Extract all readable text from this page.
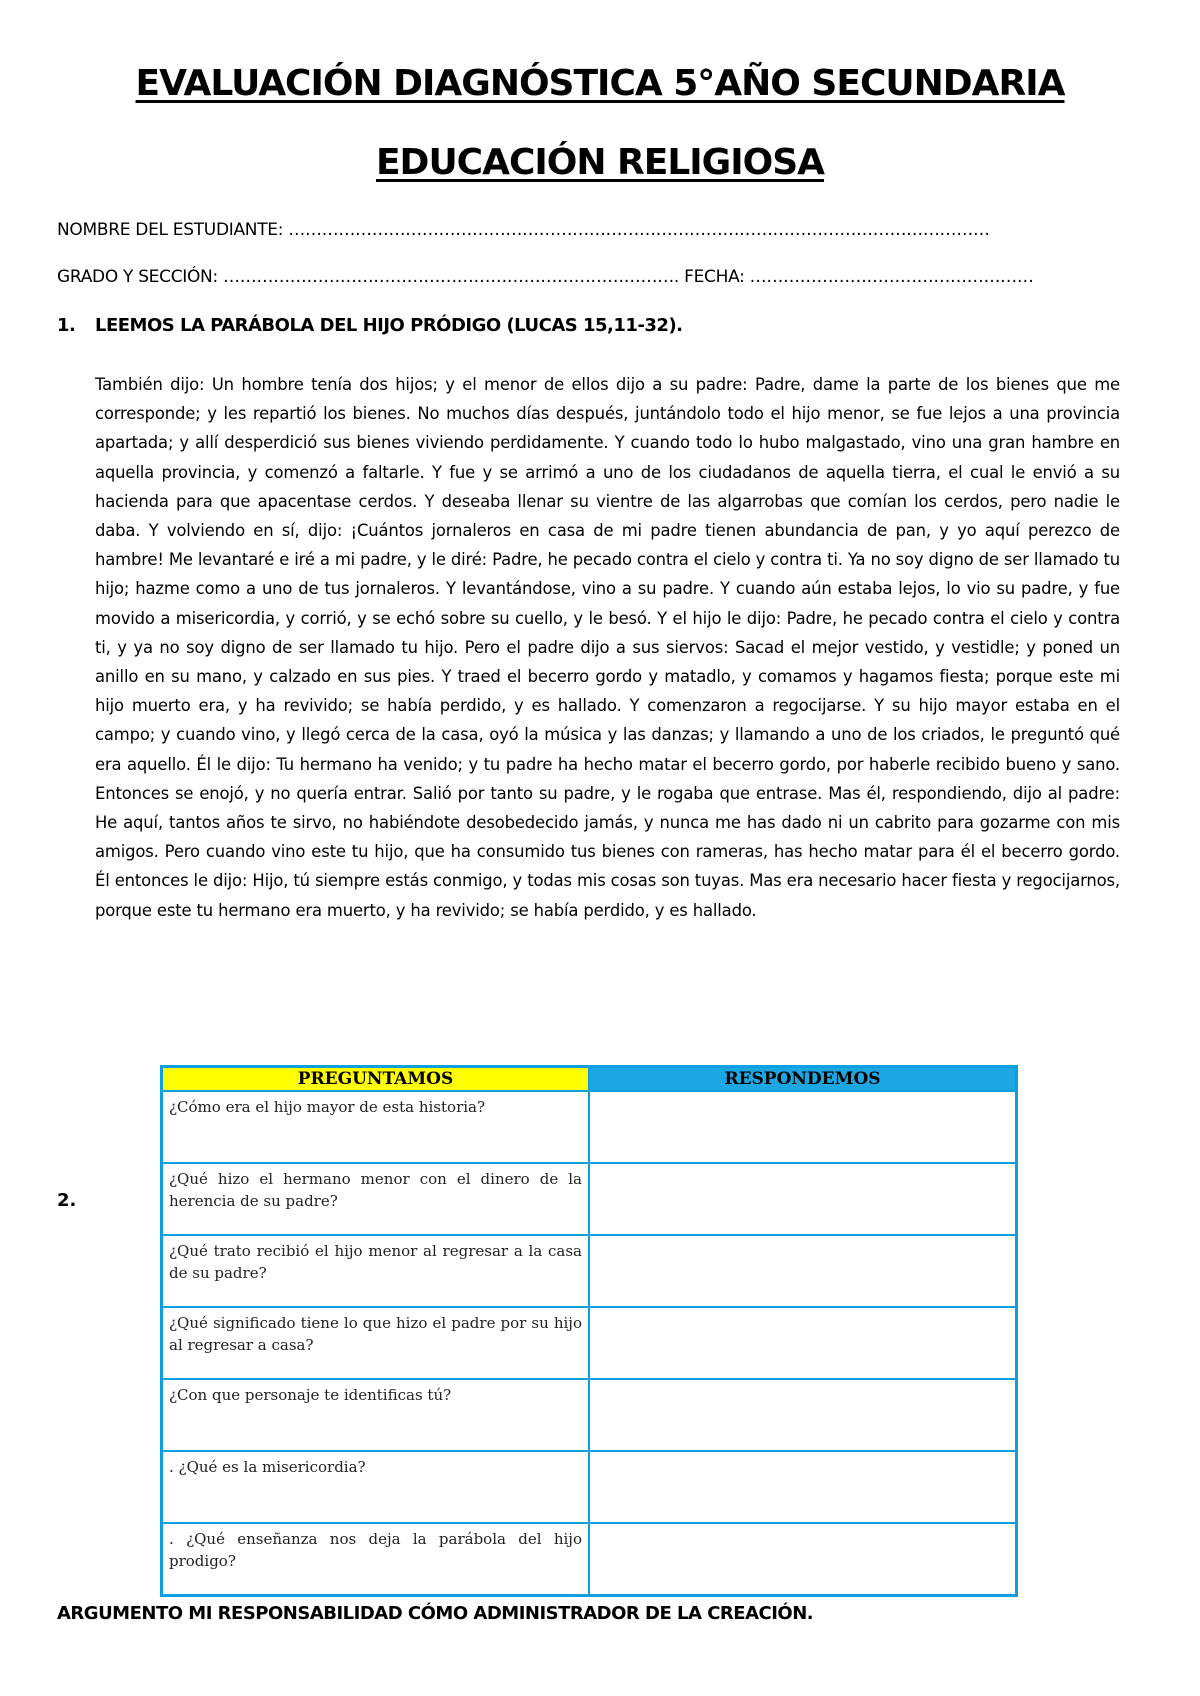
EVALUACIÓN DIAGNÓSTICA 5°AÑO SECUNDARIA
EDUCACIÓN RELIGIOSA
NOMBRE DEL ESTUDIANTE: ………………………………………………………………………………………………………………
GRADO Y SECCIÓN: ………………………………………………………………………. FECHA: ……………………………………………
1. LEEMOS LA PARÁBOLA DEL HIJO PRÓDIGO (LUCAS 15,11-32).
También dijo: Un hombre tenía dos hijos; y el menor de ellos dijo a su padre: Padre, dame la parte de los bienes que me corresponde; y les repartió los bienes. No muchos días después, juntándolo todo el hijo menor, se fue lejos a una provincia apartada; y allí desperdició sus bienes viviendo perdidamente. Y cuando todo lo hubo malgastado, vino una gran hambre en aquella provincia, y comenzó a faltarle. Y fue y se arrimó a uno de los ciudadanos de aquella tierra, el cual le envió a su hacienda para que apacentase cerdos. Y deseaba llenar su vientre de las algarrobas que comían los cerdos, pero nadie le daba. Y volviendo en sí, dijo: ¡Cuántos jornaleros en casa de mi padre tienen abundancia de pan, y yo aquí perezco de hambre! Me levantaré e iré a mi padre, y le diré: Padre, he pecado contra el cielo y contra ti. Ya no soy digno de ser llamado tu hijo; hazme como a uno de tus jornaleros. Y levantándose, vino a su padre. Y cuando aún estaba lejos, lo vio su padre, y fue movido a misericordia, y corrió, y se echó sobre su cuello, y le besó. Y el hijo le dijo: Padre, he pecado contra el cielo y contra ti, y ya no soy digno de ser llamado tu hijo. Pero el padre dijo a sus siervos: Sacad el mejor vestido, y vestidle; y poned un anillo en su mano, y calzado en sus pies. Y traed el becerro gordo y matadlo, y comamos y hagamos fiesta; porque este mi hijo muerto era, y ha revivido; se había perdido, y es hallado. Y comenzaron a regocijarse. Y su hijo mayor estaba en el campo; y cuando vino, y llegó cerca de la casa, oyó la música y las danzas; y llamando a uno de los criados, le preguntó qué era aquello. Él le dijo: Tu hermano ha venido; y tu padre ha hecho matar el becerro gordo, por haberle recibido bueno y sano. Entonces se enojó, y no quería entrar. Salió por tanto su padre, y le rogaba que entrase. Mas él, respondiendo, dijo al padre: He aquí, tantos años te sirvo, no habiéndote desobedecido jamás, y nunca me has dado ni un cabrito para gozarme con mis amigos. Pero cuando vino este tu hijo, que ha consumido tus bienes con rameras, has hecho matar para él el becerro gordo. Él entonces le dijo: Hijo, tú siempre estás conmigo, y todas mis cosas son tuyas. Mas era necesario hacer fiesta y regocijarnos, porque este tu hermano era muerto, y ha revivido; se había perdido, y es hallado.
2.
PREGUNTAMOS	RESPONDEMOS
¿Cómo era el hijo mayor de esta historia?	
¿Qué hizo el hermano menor con el dinero de la herencia de su padre?	
¿Qué trato recibió el hijo menor al regresar a la casa de su padre?	
¿Qué significado tiene lo que hizo el padre por su hijo al regresar a casa?	
¿Con que personaje te identificas tú?	
. ¿Qué es la misericordia?	
. ¿Qué enseñanza nos deja la parábola del hijo prodigo?	
ARGUMENTO MI RESPONSABILIDAD CÓMO ADMINISTRADOR DE LA CREACIÓN.
